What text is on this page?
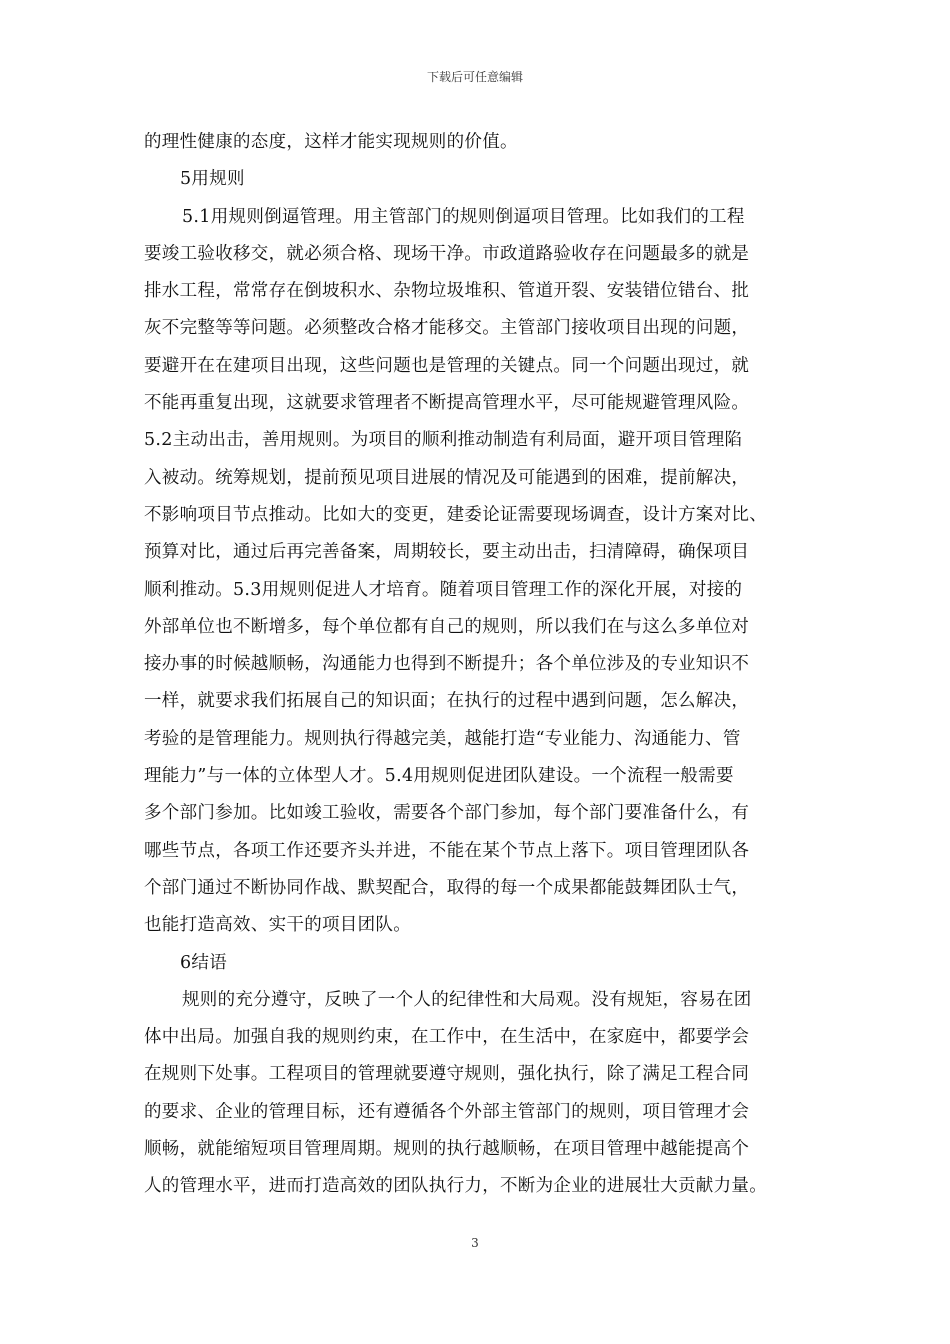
下载后可任意编辑
的理性健康的态度，这样才能实现规则的价值。
5用规则
5.1用规则倒逼管理。用主管部门的规则倒逼项目管理。比如我们的工程
要竣工验收移交，就必须合格、现场干净。市政道路验收存在问题最多的就是
排水工程，常常存在倒坡积水、杂物垃圾堆积、管道开裂、安装错位错台、批
灰不完整等等问题。必须整改合格才能移交。主管部门接收项目出现的问题，
要避开在在建项目出现，这些问题也是管理的关键点。同一个问题出现过，就
不能再重复出现，这就要求管理者不断提高管理水平，尽可能规避管理风险。
5.2主动出击，善用规则。为项目的顺利推动制造有利局面，避开项目管理陷
入被动。统筹规划，提前预见项目进展的情况及可能遇到的困难，提前解决，
不影响项目节点推动。比如大的变更，建委论证需要现场调查，设计方案对比、
预算对比，通过后再完善备案，周期较长，要主动出击，扫清障碍，确保项目
顺利推动。5.3用规则促进人才培育。随着项目管理工作的深化开展，对接的
外部单位也不断增多，每个单位都有自己的规则，所以我们在与这么多单位对
接办事的时候越顺畅，沟通能力也得到不断提升；各个单位涉及的专业知识不
一样，就要求我们拓展自己的知识面；在执行的过程中遇到问题，怎么解决，
考验的是管理能力。规则执行得越完美，越能打造“专业能力、沟通能力、管
理能力”与一体的立体型人才。5.4用规则促进团队建设。一个流程一般需要
多个部门参加。比如竣工验收，需要各个部门参加，每个部门要准备什么，有
哪些节点，各项工作还要齐头并进，不能在某个节点上落下。项目管理团队各
个部门通过不断协同作战、默契配合，取得的每一个成果都能鼓舞团队士气，
也能打造高效、实干的项目团队。
6结语
规则的充分遵守，反映了一个人的纪律性和大局观。没有规矩，容易在团
体中出局。加强自我的规则约束，在工作中，在生活中，在家庭中，都要学会
在规则下处事。工程项目的管理就要遵守规则，强化执行，除了满足工程合同
的要求、企业的管理目标，还有遵循各个外部主管部门的规则，项目管理才会
顺畅，就能缩短项目管理周期。规则的执行越顺畅，在项目管理中越能提高个
人的管理水平，进而打造高效的团队执行力，不断为企业的进展壮大贡献力量。
3
